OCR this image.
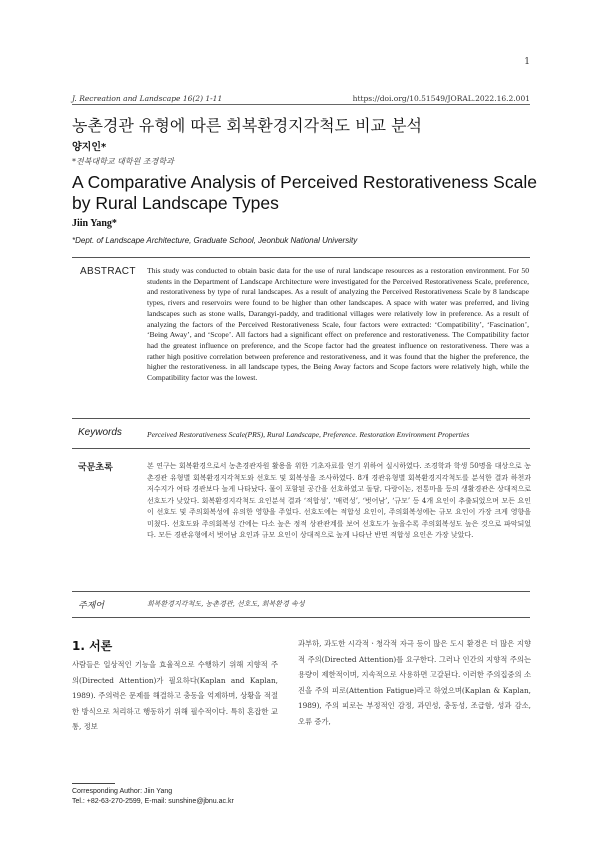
1
J. Recreation and Landscape 16(2) 1-11	https://doi.org/10.51549/JORAL.2022.16.2.001
농촌경관 유형에 따른 회복환경지각척도 비교 분석
양지인*
*전북대학교 대학원 조경학과
A Comparative Analysis of Perceived Restorativeness Scale by Rural Landscape Types
Jiin Yang*
*Dept. of Landscape Architecture, Graduate School, Jeonbuk National University
ABSTRACT This study was conducted to obtain basic data for the use of rural landscape resources as a restoration environment. For 50 students in the Department of Landscape Architecture were investigated for the Perceived Restorativeness Scale, preference, and restorativeness by type of rural landscapes. As a result of analyzing the Perceived Restorativeness Scale by 8 landscape types, rivers and reservoirs were found to be higher than other landscapes. A space with water was preferred, and living landscapes such as stone walls, Darangyi-paddy, and traditional villages were relatively low in preference. As a result of analyzing the factors of the Perceived Restorativeness Scale, four factors were extracted: ‘Compatibility’, ‘Fascination’, ‘Being Away’, and ‘Scope’. All factors had a significant effect on preference and restorativeness. The Compatibility factor had the greatest influence on preference, and the Scope factor had the greatest influence on restorativeness. There was a rather high positive correlation between preference and restorativeness, and it was found that the higher the preference, the higher the restorativeness. in all landscape types, the Being Away factors and Scope factors were relatively high, while the Compatibility factor was the lowest.
Keywords	Perceived Restorativeness Scale(PRS), Rural Landscape, Preference. Restoration Environment Properties
국문초록	본 연구는 회복환경으로서 농촌경관자원 활용을 위한 기초자료를 얻기 위하여 실시하였다. 조경학과 학생 50명을 대상으로 농촌경관 유형별 회복환경지각척도와 선호도 및 회복성을 조사하였다. 8개 경관유형별 회복환경지각척도를 분석한 결과 하천과 저수지가 여타 경관보다 높게 나타났다. 물이 포함된 공간을 선호하였고 돌담, 다랑이논, 전통마을 등의 생활경관은 상대적으로 선호도가 낮았다. 회복환경지각척도 요인분석 결과 ‘적합성’, ‘매력성’, ‘벗어남’, ‘규모’ 등 4개 요인이 추출되었으며 모든 요인이 선호도 및 주의회복성에 유의한 영향을 주었다. 선호도에는 적합성 요인이, 주의회복성에는 규모 요인이 가장 크게 영향을 미쳤다. 선호도와 주의회복성 간에는 다소 높은 정적 상관관계를 보여 선호도가 높을수록 주의회복성도 높은 것으로 파악되었다. 모든 경관유형에서 벗어남 요인과 규모 요인이 상대적으로 높게 나타난 반면 적합성 요인은 가장 낮았다.
주제어	회복환경지각척도, 농촌경관, 선호도, 회복환경 속성
1. 서론
사람들은 일상적인 기능을 효율적으로 수행하기 위해 지향적 주의(Directed Attention)가 필요하다(Kaplan and Kaplan, 1989). 주의력은 문제를 해결하고 충동을 억제하며, 상황을 적절한 방식으로 처리하고 행동하기 위해 필수적이다. 특히 혼잡한 교통, 정보
과부하, 과도한 시각적ㆍ청각적 자극 등이 많은 도시 환경은 더 많은 지향적 주의(Directed Attention)를 요구한다. 그러나 인간의 지향적 주의는 용량이 제한적이며, 지속적으로 사용하면 고갈된다. 이러한 주의집중의 소진을 주의 피로(Attention Fatigue)라고 하였으며(Kaplan & Kaplan, 1989), 주의 피로는 부정적인 감정, 과민성, 충동성, 조급함, 성과 감소, 오류 증가,
Corresponding Author: Jiin Yang
Tel.: +82-63-270-2599, E-mail: sunshine@jbnu.ac.kr
